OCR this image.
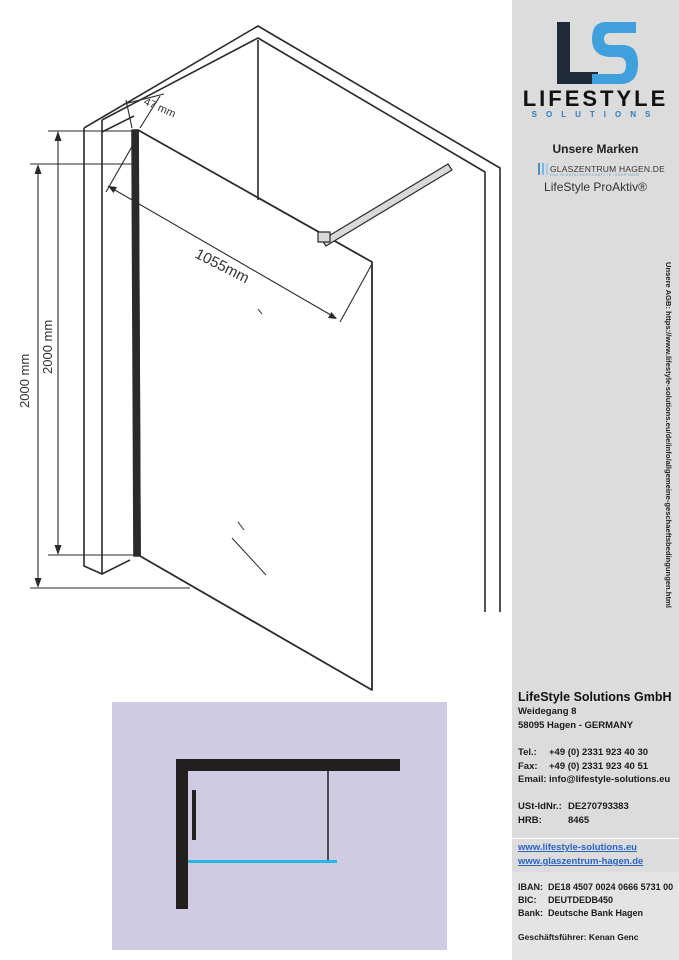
2000 mm
2000 mm
1055mm
47 mm	LIFESTYLE
SOLUTIONS
Unsere Marken
GLASZENTRUM HAGEN.DE
DAS GLASFACHGESCHÄFT IN IHRER NÄHE
LifeStyle ProAktiv®
Unsere AGB: https://www.lifestyle-solutions.eu/de/info/allgemeine-geschaeftsbedingungen.html
LifeStyle Solutions GmbH
Weidegang 8
58095 Hagen - GERMANY
Tel.: +49 (0) 2331 923 40 30
Fax: +49 (0) 2331 923 40 51
Email: info@lifestyle-solutions.eu
USt-IdNr.: DE270793383
HRB:	8465
www.lifestyle-solutions.eu
www.glaszentrum-hagen.de
IBAN: DE18 4507 0024 0666 5731 00
BIC: DEUTDEDB450
Bank: Deutsche Bank Hagen
Geschäftsführer: Kenan Genc
